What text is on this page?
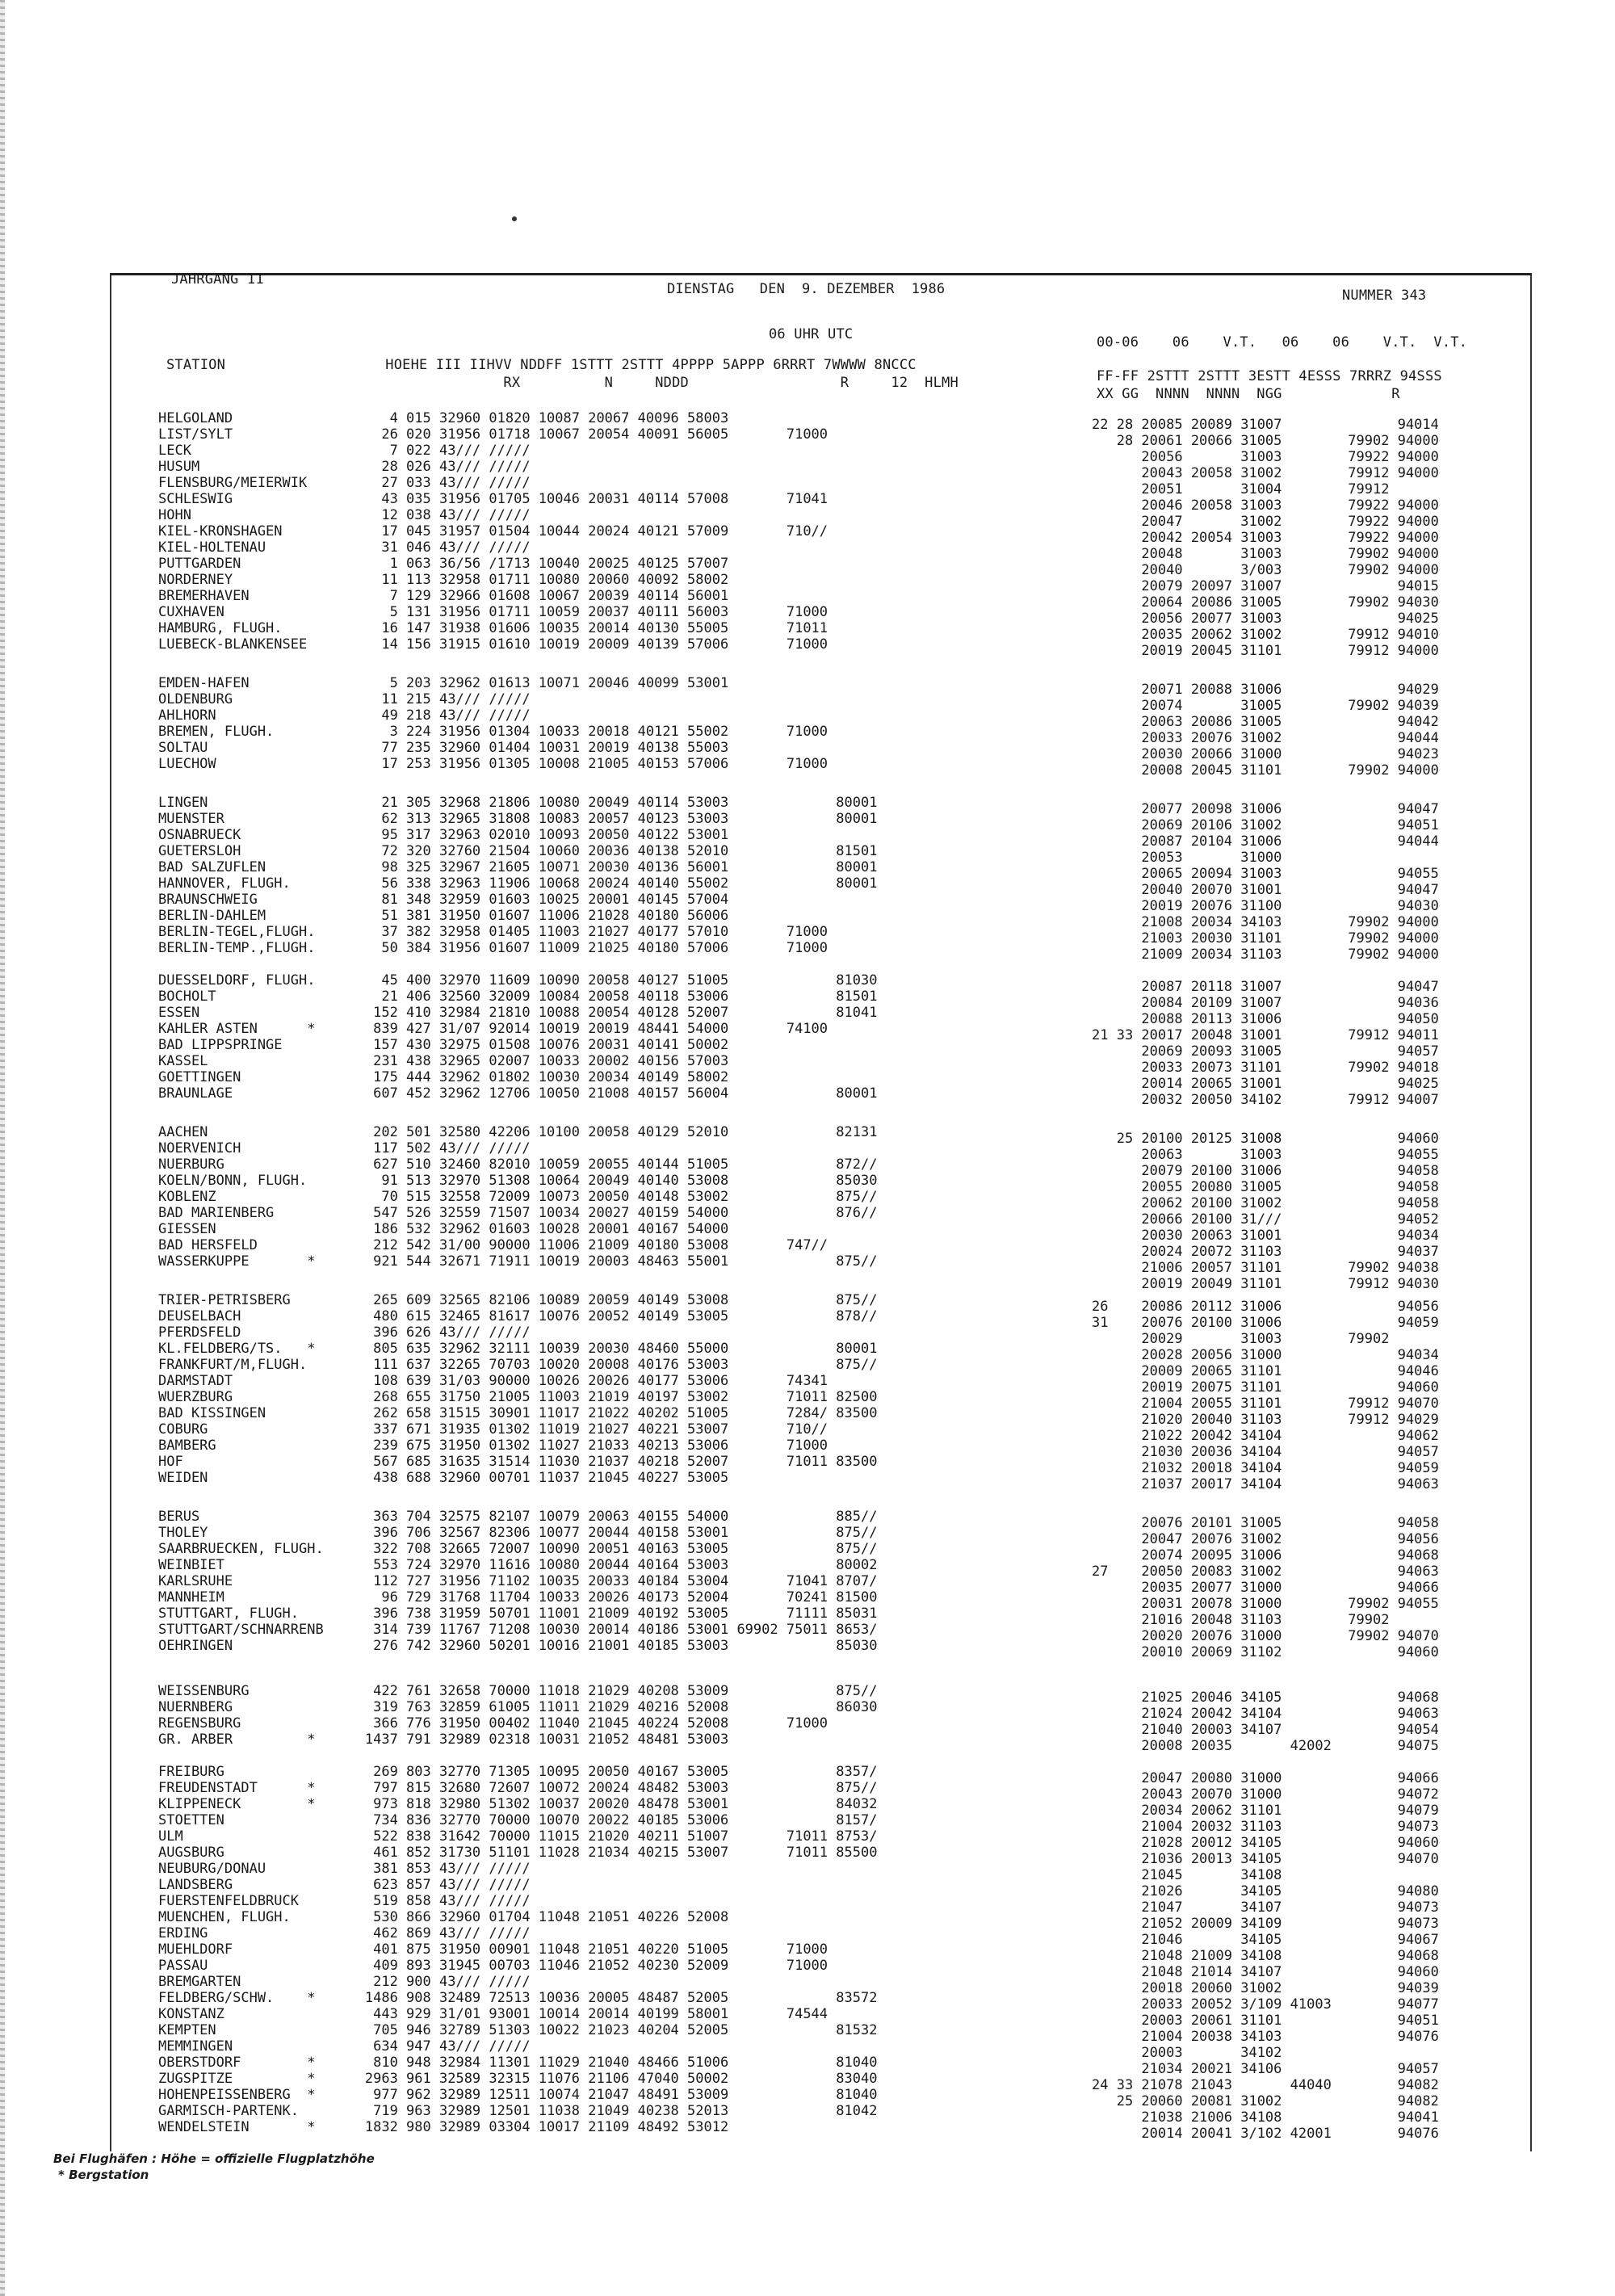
JAHRGANG 11
DIENSTAG   DEN  9. DEZEMBER  1986	NUMMER 343
06 UHR UTC	00-06    06    V.T.   06    06    V.T.  V.T.
STATION                   HOEHE III IIHVV NDDFF 1STTT 2STTT 4PPPP 5APPP 6RRRT 7WWWW 8NCCC
RX          N     NDDD                  R     12  HLMH	FF-FF 2STTT 2STTT 3ESTT 4ESSS 7RRRZ 94SSS
XX GG  NNNN  NNNN  NGG             R
HELGOLAND                   4 015 32960 01820 10087 20067 40096 58003
LIST/SYLT                  26 020 31956 01718 10067 20054 40091 56005       71000
LECK                        7 022 43/// /////
HUSUM                      28 026 43/// /////
FLENSBURG/MEIERWIK         27 033 43/// /////
SCHLESWIG                  43 035 31956 01705 10046 20031 40114 57008       71041
HOHN                       12 038 43/// /////
KIEL-KRONSHAGEN            17 045 31957 01504 10044 20024 40121 57009       710//
KIEL-HOLTENAU              31 046 43/// /////
PUTTGARDEN                  1 063 36/56 /1713 10040 20025 40125 57007
NORDERNEY                  11 113 32958 01711 10080 20060 40092 58002
BREMERHAVEN                 7 129 32966 01608 10067 20039 40114 56001
CUXHAVEN                    5 131 31956 01711 10059 20037 40111 56003       71000
HAMBURG, FLUGH.            16 147 31938 01606 10035 20014 40130 55005       71011
LUEBECK-BLANKENSEE         14 156 31915 01610 10019 20009 40139 57006       71000
EMDEN-HAFEN                 5 203 32962 01613 10071 20046 40099 53001
OLDENBURG                  11 215 43/// /////
AHLHORN                    49 218 43/// /////
BREMEN, FLUGH.              3 224 31956 01304 10033 20018 40121 55002       71000
SOLTAU                     77 235 32960 01404 10031 20019 40138 55003
LUECHOW                    17 253 31956 01305 10008 21005 40153 57006       71000
LINGEN                     21 305 32968 21806 10080 20049 40114 53003             80001
MUENSTER                   62 313 32965 31808 10083 20057 40123 53003             80001
OSNABRUECK                 95 317 32963 02010 10093 20050 40122 53001
GUETERSLOH                 72 320 32760 21504 10060 20036 40138 52010             81501
BAD SALZUFLEN              98 325 32967 21605 10071 20030 40136 56001             80001
HANNOVER, FLUGH.           56 338 32963 11906 10068 20024 40140 55002             80001
BRAUNSCHWEIG               81 348 32959 01603 10025 20001 40145 57004
BERLIN-DAHLEM              51 381 31950 01607 11006 21028 40180 56006
BERLIN-TEGEL,FLUGH.        37 382 32958 01405 11003 21027 40177 57010       71000
BERLIN-TEMP.,FLUGH.        50 384 31956 01607 11009 21025 40180 57006       71000
DUESSELDORF, FLUGH.        45 400 32970 11609 10090 20058 40127 51005             81030
BOCHOLT                    21 406 32560 32009 10084 20058 40118 53006             81501
ESSEN                     152 410 32984 21810 10088 20054 40128 52007             81041
KAHLER ASTEN      *       839 427 31/07 92014 10019 20019 48441 54000       74100
BAD LIPPSPRINGE           157 430 32975 01508 10076 20031 40141 50002
KASSEL                    231 438 32965 02007 10033 20002 40156 57003
GOETTINGEN                175 444 32962 01802 10030 20034 40149 58002
BRAUNLAGE                 607 452 32962 12706 10050 21008 40157 56004             80001
AACHEN                    202 501 32580 42206 10100 20058 40129 52010             82131
NOERVENICH                117 502 43/// /////
NUERBURG                  627 510 32460 82010 10059 20055 40144 51005             872//
KOELN/BONN, FLUGH.         91 513 32970 51308 10064 20049 40140 53008             85030
KOBLENZ                    70 515 32558 72009 10073 20050 40148 53002             875//
BAD MARIENBERG            547 526 32559 71507 10034 20027 40159 54000             876//
GIESSEN                   186 532 32962 01603 10028 20001 40167 54000
BAD HERSFELD              212 542 31/00 90000 11006 21009 40180 53008       747//
WASSERKUPPE       *       921 544 32671 71911 10019 20003 48463 55001             875//
TRIER-PETRISBERG          265 609 32565 82106 10089 20059 40149 53008             875//
DEUSELBACH                480 615 32465 81617 10076 20052 40149 53005             878//
PFERDSFELD                396 626 43/// /////
KL.FELDBERG/TS.   *       805 635 32962 32111 10039 20030 48460 55000             80001
FRANKFURT/M,FLUGH.        111 637 32265 70703 10020 20008 40176 53003             875//
DARMSTADT                 108 639 31/03 90000 10026 20026 40177 53006       74341
WUERZBURG                 268 655 31750 21005 11003 21019 40197 53002       71011 82500
BAD KISSINGEN             262 658 31515 30901 11017 21022 40202 51005       7284/ 83500
COBURG                    337 671 31935 01302 11019 21027 40221 53007       710//
BAMBERG                   239 675 31950 01302 11027 21033 40213 53006       71000
HOF                       567 685 31635 31514 11030 21037 40218 52007       71011 83500
WEIDEN                    438 688 32960 00701 11037 21045 40227 53005
BERUS                     363 704 32575 82107 10079 20063 40155 54000             885//
THOLEY                    396 706 32567 82306 10077 20044 40158 53001             875//
SAARBRUECKEN, FLUGH.      322 708 32665 72007 10090 20051 40163 53005             875//
WEINBIET                  553 724 32970 11616 10080 20044 40164 53003             80002
KARLSRUHE                 112 727 31956 71102 10035 20033 40184 53004       71041 8707/
MANNHEIM                   96 729 31768 11704 10033 20026 40173 52004       70241 81500
STUTTGART, FLUGH.         396 738 31959 50701 11001 21009 40192 53005       71111 85031
STUTTGART/SCHNARRENB      314 739 11767 71208 10030 20014 40186 53001 69902 75011 8653/
OEHRINGEN                 276 742 32960 50201 10016 21001 40185 53003             85030
WEISSENBURG               422 761 32658 70000 11018 21029 40208 53009             875//
NUERNBERG                 319 763 32859 61005 11011 21029 40216 52008             86030
REGENSBURG                366 776 31950 00402 11040 21045 40224 52008       71000
GR. ARBER         *      1437 791 32989 02318 10031 21052 48481 53003
FREIBURG                  269 803 32770 71305 10095 20050 40167 53005             8357/
FREUDENSTADT      *       797 815 32680 72607 10072 20024 48482 53003             875//
KLIPPENECK        *       973 818 32980 51302 10037 20020 48478 53001             84032
STOETTEN                  734 836 32770 70000 10070 20022 40185 53006             8157/
ULM                       522 838 31642 70000 11015 21020 40211 51007       71011 8753/
AUGSBURG                  461 852 31730 51101 11028 21034 40215 53007       71011 85500
NEUBURG/DONAU             381 853 43/// /////
LANDSBERG                 623 857 43/// /////
FUERSTENFELDBRUCK         519 858 43/// /////
MUENCHEN, FLUGH.          530 866 32960 01704 11048 21051 40226 52008
ERDING                    462 869 43/// /////
MUEHLDORF                 401 875 31950 00901 11048 21051 40220 51005       71000
PASSAU                    409 893 31945 00703 11046 21052 40230 52009       71000
BREMGARTEN                212 900 43/// /////
FELDBERG/SCHW.    *      1486 908 32489 72513 10036 20005 48487 52005             83572
KONSTANZ                  443 929 31/01 93001 10014 20014 40199 58001       74544
KEMPTEN                   705 946 32789 51303 10022 21023 40204 52005             81532
MEMMINGEN                 634 947 43/// /////
OBERSTDORF        *       810 948 32984 11301 11029 21040 48466 51006             81040
ZUGSPITZE         *      2963 961 32589 32315 11076 21106 47040 50002             83040
HOHENPEISSENBERG  *       977 962 32989 12511 10074 21047 48491 53009             81040
GARMISCH-PARTENK.         719 963 32989 12501 11038 21049 40238 52013             81042
WENDELSTEIN       *      1832 980 32989 03304 10017 21109 48492 53012
22 28 20085 20089 31007              94014
28 20061 20066 31005        79902 94000
20056       31003        79922 94000
20043 20058 31002        79912 94000
20051       31004        79912
20046 20058 31003        79922 94000
20047       31002        79922 94000
20042 20054 31003        79922 94000
20048       31003        79902 94000
20040       3/003        79902 94000
20079 20097 31007              94015
20064 20086 31005        79902 94030
20056 20077 31003              94025
20035 20062 31002        79912 94010
20019 20045 31101        79912 94000
20071 20088 31006              94029
20074       31005        79902 94039
20063 20086 31005              94042
20033 20076 31002              94044
20030 20066 31000              94023
20008 20045 31101        79902 94000
20077 20098 31006              94047
20069 20106 31002              94051
20087 20104 31006              94044
20053       31000
20065 20094 31003              94055
20040 20070 31001              94047
20019 20076 31100              94030
21008 20034 34103        79902 94000
21003 20030 31101        79902 94000
21009 20034 31103        79902 94000
20087 20118 31007              94047
20084 20109 31007              94036
20088 20113 31006              94050
21 33 20017 20048 31001        79912 94011
20069 20093 31005              94057
20033 20073 31101        79902 94018
20014 20065 31001              94025
20032 20050 34102        79912 94007
25 20100 20125 31008              94060
20063       31003              94055
20079 20100 31006              94058
20055 20080 31005              94058
20062 20100 31002              94058
20066 20100 31///              94052
20030 20063 31001              94034
20024 20072 31103              94037
21006 20057 31101        79902 94038
20019 20049 31101        79912 94030
26    20086 20112 31006              94056
31    20076 20100 31006              94059
20029       31003        79902
20028 20056 31000              94034
20009 20065 31101              94046
20019 20075 31101              94060
21004 20055 31101        79912 94070
21020 20040 31103        79912 94029
21022 20042 34104              94062
21030 20036 34104              94057
21032 20018 34104              94059
21037 20017 34104              94063
20076 20101 31005              94058
20047 20076 31002              94056
20074 20095 31006              94068
27    20050 20083 31002              94063
20035 20077 31000              94066
20031 20078 31000        79902 94055
21016 20048 31103        79902
20020 20076 31000        79902 94070
20010 20069 31102              94060
21025 20046 34105              94068
21024 20042 34104              94063
21040 20003 34107              94054
20008 20035       42002        94075
20047 20080 31000              94066
20043 20070 31000              94072
20034 20062 31101              94079
21004 20032 31103              94073
21028 20012 34105              94060
21036 20013 34105              94070
21045       34108
21026       34105              94080
21047       34107              94073
21052 20009 34109              94073
21046       34105              94067
21048 21009 34108              94068
21048 21014 34107              94060
20018 20060 31002              94039
20033 20052 3/109 41003        94077
20003 20061 31101              94051
21004 20038 34103              94076
20003       34102
21034 20021 34106              94057
24 33 21078 21043       44040        94082
25 20060 20081 31002              94082
21038 21006 34108              94041
20014 20041 3/102 42001        94076
Bei Flughäfen : Höhe = offizielle Flugplatzhöhe
* Bergstation
